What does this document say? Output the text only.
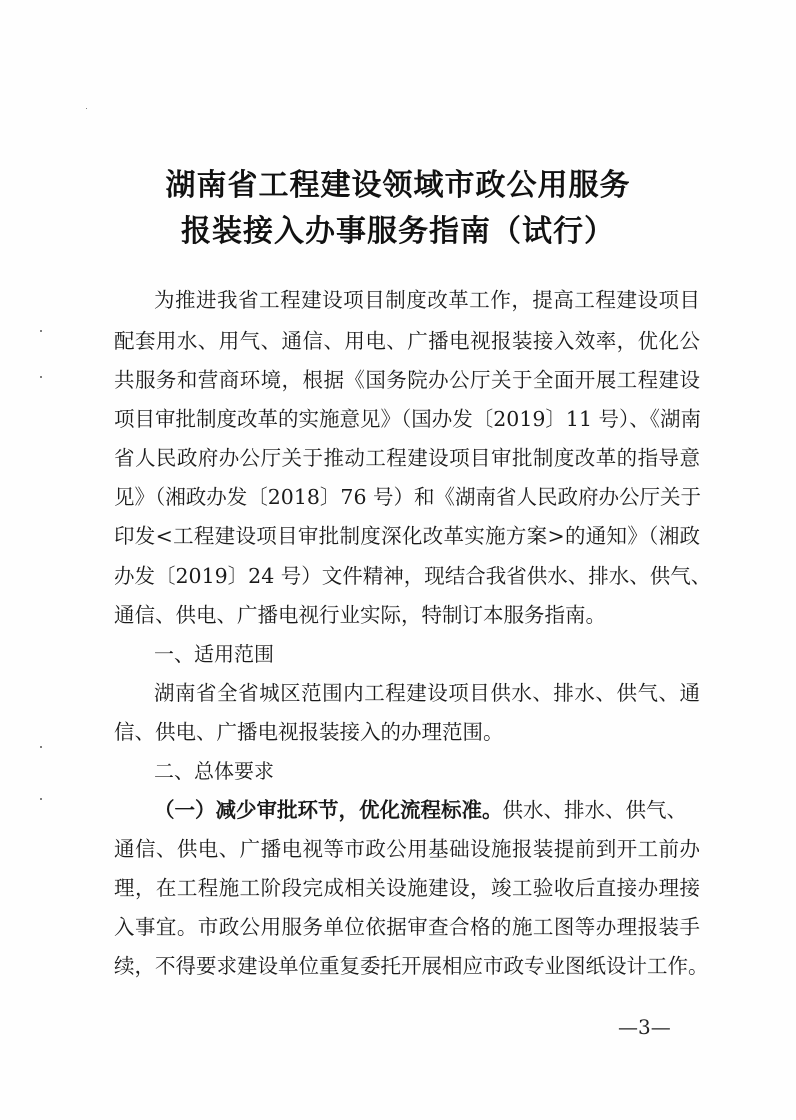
湖南省工程建设领域市政公用服务
报装接入办事服务指南（试行）
为推进我省工程建设项目制度改革工作，提高工程建设项目
配套用水、用气、通信、用电、广播电视报装接入效率，优化公
共服务和营商环境，根据《国务院办公厅关于全面开展工程建设
项目审批制度改革的实施意见》（国办发〔2019〕11 号）、《湖南
省人民政府办公厅关于推动工程建设项目审批制度改革的指导意
见》（湘政办发〔2018〕76 号）和《湖南省人民政府办公厅关于
印发<工程建设项目审批制度深化改革实施方案>的通知》（湘政
办发〔2019〕24 号）文件精神，现结合我省供水、排水、供气、
通信、供电、广播电视行业实际，特制订本服务指南。
一、适用范围
湖南省全省城区范围内工程建设项目供水、排水、供气、通
信、供电、广播电视报装接入的办理范围。
二、总体要求
（一）减少审批环节，优化流程标准。供水、排水、供气、
通信、供电、广播电视等市政公用基础设施报装提前到开工前办
理，在工程施工阶段完成相关设施建设，竣工验收后直接办理接
入事宜。市政公用服务单位依据审查合格的施工图等办理报装手
续，不得要求建设单位重复委托开展相应市政专业图纸设计工作。
—3—
